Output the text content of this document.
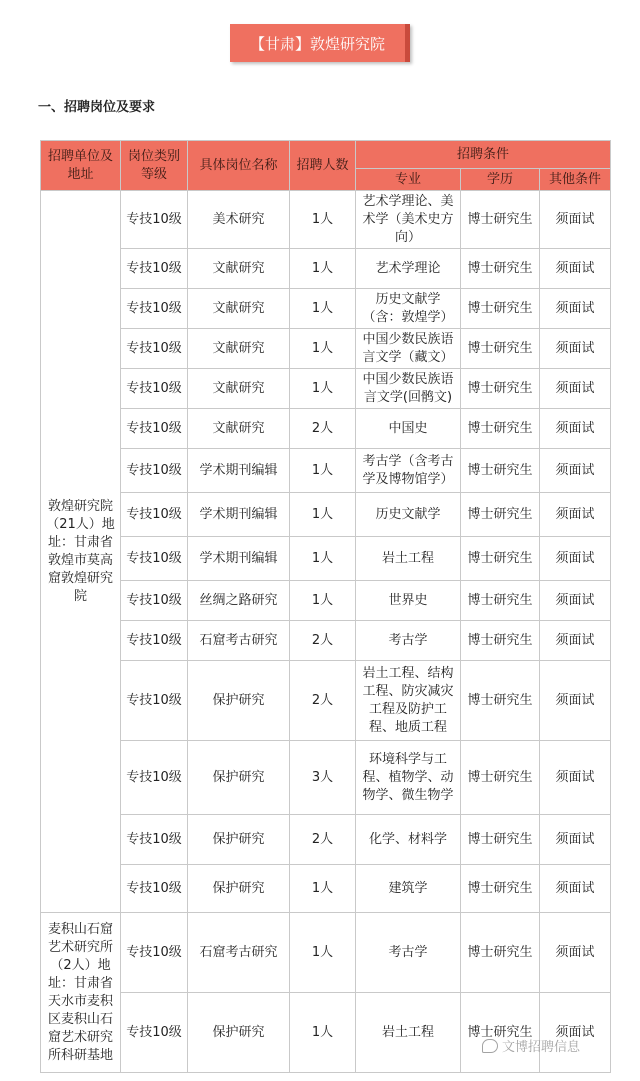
【甘肃】敦煌研究院
一、招聘岗位及要求
招聘单位及地址	岗位类别等级	具体岗位名称	招聘人数	招聘条件		
				专业	学历	其他条件
敦煌研究院（21人）地址：甘肃省敦煌市莫高窟敦煌研究院	专技10级	美术研究	1人	艺术学理论、美术学（美术史方向）	博士研究生	须面试
	专技10级	文献研究	1人	艺术学理论	博士研究生	须面试
	专技10级	文献研究	1人	历史文献学（含：敦煌学）	博士研究生	须面试
	专技10级	文献研究	1人	中国少数民族语言文学（藏文）	博士研究生	须面试
	专技10级	文献研究	1人	中国少数民族语言文学(回鹘文)	博士研究生	须面试
	专技10级	文献研究	2人	中国史	博士研究生	须面试
	专技10级	学术期刊编辑	1人	考古学（含考古学及博物馆学）	博士研究生	须面试
	专技10级	学术期刊编辑	1人	历史文献学	博士研究生	须面试
	专技10级	学术期刊编辑	1人	岩土工程	博士研究生	须面试
	专技10级	丝绸之路研究	1人	世界史	博士研究生	须面试
	专技10级	石窟考古研究	2人	考古学	博士研究生	须面试
	专技10级	保护研究	2人	岩土工程、结构工程、防灾减灾工程及防护工程、地质工程	博士研究生	须面试
	专技10级	保护研究	3人	环境科学与工程、植物学、动物学、微生物学	博士研究生	须面试
	专技10级	保护研究	2人	化学、材料学	博士研究生	须面试
	专技10级	保护研究	1人	建筑学	博士研究生	须面试
麦积山石窟艺术研究所（2人）地址：甘肃省天水市麦积区麦积山石窟艺术研究所科研基地	专技10级	石窟考古研究	1人	考古学	博士研究生	须面试
	专技10级	保护研究	1人	岩土工程	博士研究生	须面试
文博招聘信息
